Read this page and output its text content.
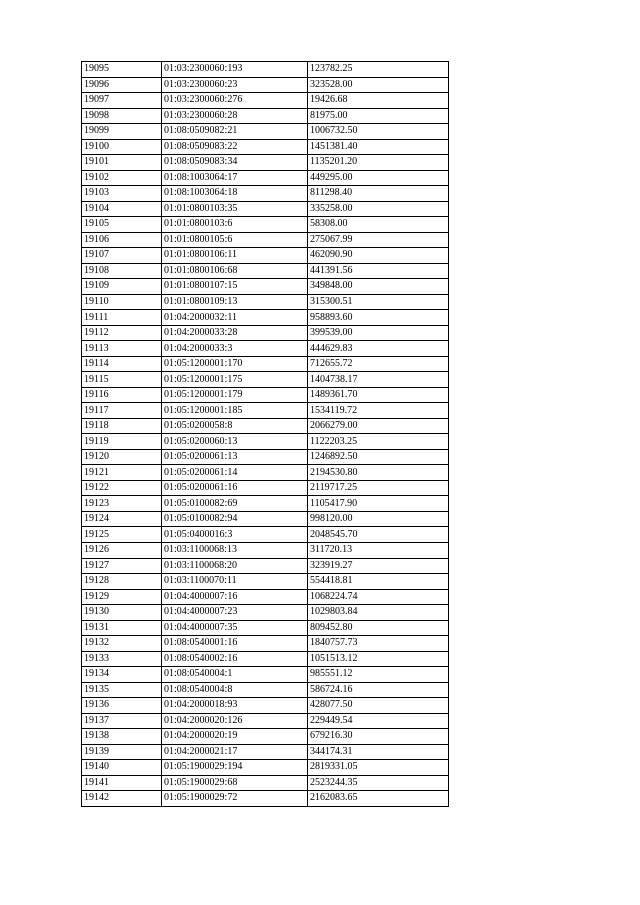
19095	01:03:2300060:193	123782.25
19096	01:03:2300060:23	323528.00
19097	01:03:2300060:276	19426.68
19098	01:03:2300060:28	81975.00
19099	01:08:0509082:21	1006732.50
19100	01:08:0509083:22	1451381.40
19101	01:08:0509083:34	1135201.20
19102	01:08:1003064:17	449295.00
19103	01:08:1003064:18	811298.40
19104	01:01:0800103:35	335258.00
19105	01:01:0800103:6	58308.00
19106	01:01:0800105:6	275067.99
19107	01:01:0800106:11	462090.90
19108	01:01:0800106:68	441391.56
19109	01:01:0800107:15	349848.00
19110	01:01:0800109:13	315300.51
19111	01:04:2000032:11	958893.60
19112	01:04:2000033:28	399539.00
19113	01:04:2000033:3	444629.83
19114	01:05:1200001:170	712655.72
19115	01:05:1200001:175	1404738.17
19116	01:05:1200001:179	1489361.70
19117	01:05:1200001:185	1534119.72
19118	01:05:0200058:8	2066279.00
19119	01:05:0200060:13	1122203.25
19120	01:05:0200061:13	1246892.50
19121	01:05:0200061:14	2194530.80
19122	01:05:0200061:16	2119717.25
19123	01:05:0100082:69	1105417.90
19124	01:05:0100082:94	998120.00
19125	01:05:0400016:3	2048545.70
19126	01:03:1100068:13	311720.13
19127	01:03:1100068:20	323919.27
19128	01:03:1100070:11	554418.81
19129	01:04:4000007:16	1068224.74
19130	01:04:4000007:23	1029803.84
19131	01:04:4000007:35	809452.80
19132	01:08:0540001:16	1840757.73
19133	01:08:0540002:16	1051513.12
19134	01:08:0540004:1	985551.12
19135	01:08:0540004:8	586724.16
19136	01:04:2000018:93	428077.50
19137	01:04:2000020:126	229449.54
19138	01:04:2000020:19	679216.30
19139	01:04:2000021:17	344174.31
19140	01:05:1900029:194	2819331.05
19141	01:05:1900029:68	2523244.35
19142	01:05:1900029:72	2162083.65
